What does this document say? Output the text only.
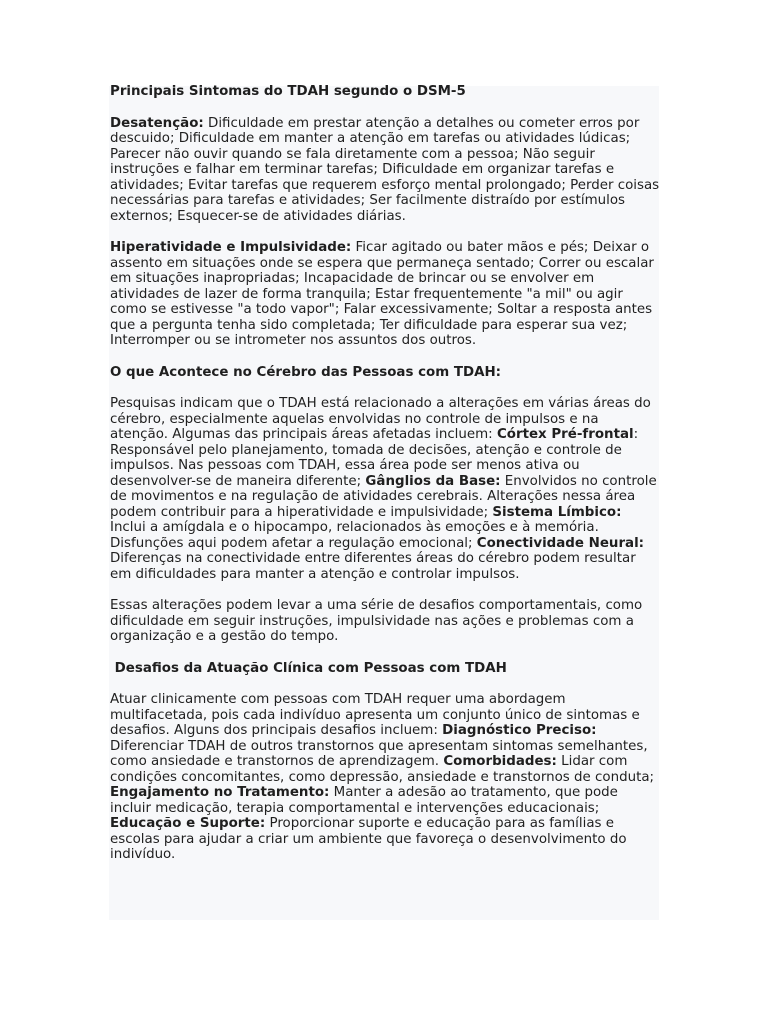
Principais Sintomas do TDAH segundo o DSM-5

Desatenção: Dificuldade em prestar atenção a detalhes ou cometer erros por descuido; Dificuldade em manter a atenção em tarefas ou atividades lúdicas; Parecer não ouvir quando se fala diretamente com a pessoa; Não seguir instruções e falhar em terminar tarefas; Dificuldade em organizar tarefas e atividades; Evitar tarefas que requerem esforço mental prolongado; Perder coisas necessárias para tarefas e atividades; Ser facilmente distraído por estímulos externos; Esquecer-se de atividades diárias.

Hiperatividade e Impulsividade: Ficar agitado ou bater mãos e pés; Deixar o assento em situações onde se espera que permaneça sentado; Correr ou escalar em situações inapropriadas; Incapacidade de brincar ou se envolver em atividades de lazer de forma tranquila; Estar frequentemente "a mil" ou agir como se estivesse "a todo vapor"; Falar excessivamente; Soltar a resposta antes que a pergunta tenha sido completada; Ter dificuldade para esperar sua vez; Interromper ou se intrometer nos assuntos dos outros.

O que Acontece no Cérebro das Pessoas com TDAH:

Pesquisas indicam que o TDAH está relacionado a alterações em várias áreas do cérebro, especialmente aquelas envolvidas no controle de impulsos e na atenção. Algumas das principais áreas afetadas incluem: Córtex Pré-frontal: Responsável pelo planejamento, tomada de decisões, atenção e controle de impulsos. Nas pessoas com TDAH, essa área pode ser menos ativa ou desenvolver-se de maneira diferente; Gânglios da Base: Envolvidos no controle de movimentos e na regulação de atividades cerebrais. Alterações nessa área podem contribuir para a hiperatividade e impulsividade; Sistema Límbico: Inclui a amígdala e o hipocampo, relacionados às emoções e à memória. Disfunções aqui podem afetar a regulação emocional; Conectividade Neural: Diferenças na conectividade entre diferentes áreas do cérebro podem resultar em dificuldades para manter a atenção e controlar impulsos.

Essas alterações podem levar a uma série de desafios comportamentais, como dificuldade em seguir instruções, impulsividade nas ações e problemas com a organização e a gestão do tempo.

Desafios da Atuação Clínica com Pessoas com TDAH

Atuar clinicamente com pessoas com TDAH requer uma abordagem multifacetada, pois cada indivíduo apresenta um conjunto único de sintomas e desafios. Alguns dos principais desafios incluem: Diagnóstico Preciso: Diferenciar TDAH de outros transtornos que apresentam sintomas semelhantes, como ansiedade e transtornos de aprendizagem. Comorbidades: Lidar com condições concomitantes, como depressão, ansiedade e transtornos de conduta; Engajamento no Tratamento: Manter a adesão ao tratamento, que pode incluir medicação, terapia comportamental e intervenções educacionais; Educação e Suporte: Proporcionar suporte e educação para as famílias e escolas para ajudar a criar um ambiente que favoreça o desenvolvimento do indivíduo.
